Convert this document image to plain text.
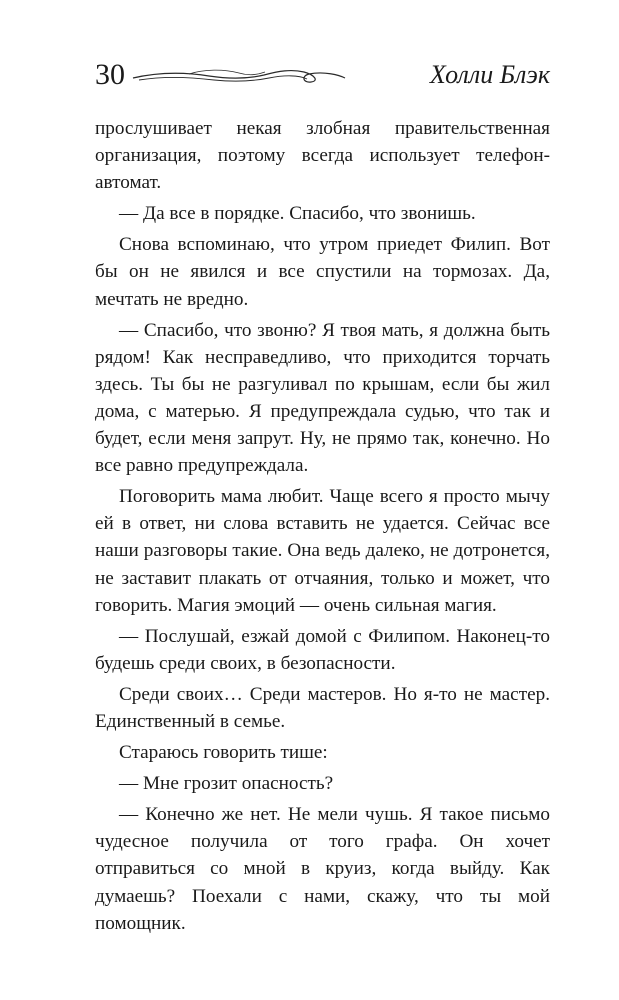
30	Холли Блэк

прослушивает некая злобная правительственная организация, поэтому всегда использует телефон-автомат.

— Да все в порядке. Спасибо, что звонишь.

Снова вспоминаю, что утром приедет Филип. Вот бы он не явился и все спустили на тормозах. Да, мечтать не вредно.

— Спасибо, что звоню? Я твоя мать, я должна быть рядом! Как несправедливо, что приходится торчать здесь. Ты бы не разгуливал по крышам, если бы жил дома, с матерью. Я предупреждала судью, что так и будет, если меня запрут. Ну, не прямо так, конечно. Но все равно предупреждала.

Поговорить мама любит. Чаще всего я просто мычу ей в ответ, ни слова вставить не удается. Сейчас все наши разговоры такие. Она ведь далеко, не дотронется, не заставит плакать от отчаяния, только и может, что говорить. Магия эмоций — очень сильная магия.

— Послушай, езжай домой с Филипом. Наконец-то будешь среди своих, в безопасности.

Среди своих… Среди мастеров. Но я-то не мастер. Единственный в семье.

Стараюсь говорить тише:

— Мне грозит опасность?

— Конечно же нет. Не мели чушь. Я такое письмо чудесное получила от того графа. Он хочет отправиться со мной в круиз, когда выйду. Как думаешь? Поехали с нами, скажу, что ты мой помощник.
